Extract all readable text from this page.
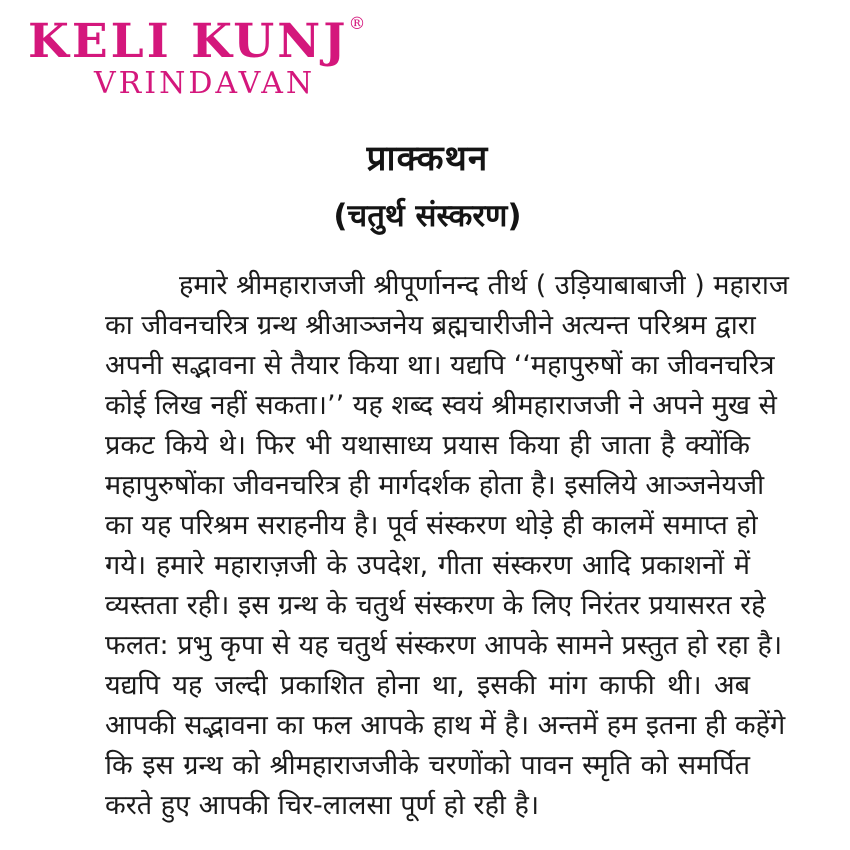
KELI KUNJ®
VRINDAVAN
प्राक्कथन
(चतुर्थ संस्करण)
हमारे श्रीमहाराजजी श्रीपूर्णानन्द तीर्थ ( उड़ियाबाबाजी ) महाराज
का जीवनचरित्र ग्रन्थ श्रीआञ्जनेय ब्रह्मचारीजीने अत्यन्त परिश्रम द्वारा
अपनी सद्भावना से तैयार किया था। यद्यपि ‘‘महापुरुषों का जीवनचरित्र
कोई लिख नहीं सकता।’’ यह शब्द स्वयं श्रीमहाराजजी ने अपने मुख से
प्रकट किये थे। फिर भी यथासाध्य प्रयास किया ही जाता है क्योंकि
महापुरुषोंका जीवनचरित्र ही मार्गदर्शक होता है। इसलिये आञ्जनेयजी
का यह परिश्रम सराहनीय है। पूर्व संस्करण थोड़े ही कालमें समाप्त हो
गये। हमारे महाराज़जी के उपदेश, गीता संस्करण आदि प्रकाशनों में
व्यस्तता रही। इस ग्रन्थ के चतुर्थ संस्करण के लिए निरंतर प्रयासरत रहे
फलत: प्रभु कृपा से यह चतुर्थ संस्करण आपके सामने प्रस्तुत हो रहा है।
यद्यपि यह जल्दी प्रकाशित होना था, इसकी मांग काफी थी। अब
आपकी सद्भावना का फल आपके हाथ में है। अन्तमें हम इतना ही कहेंगे
कि इस ग्रन्थ को श्रीमहाराजजीके चरणोंको पावन स्मृति को समर्पित
करते हुए आपकी चिर-लालसा पूर्ण हो रही है।
